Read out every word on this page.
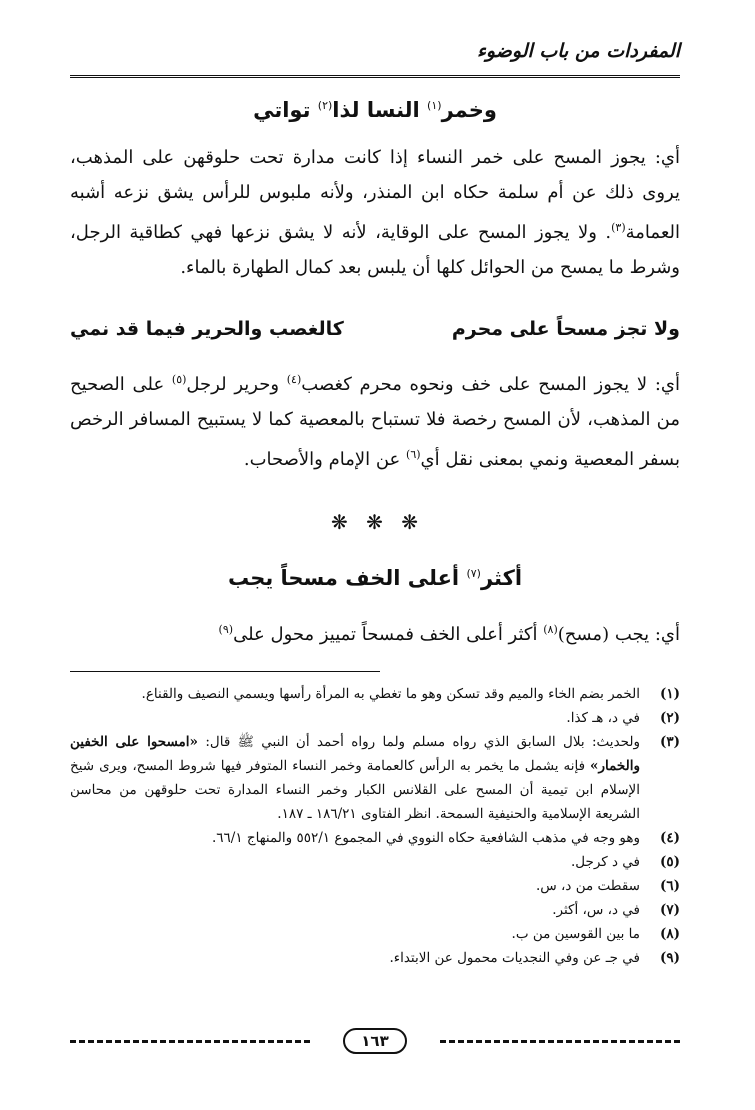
المفردات من باب الوضوء
وخمر$^{(١)}$ النسا لذا$^{(٢)}$ تواتي
أي: يجوز المسح على خمر النساء إذا كانت مدارة تحت حلوقهن على المذهب، يروى ذلك عن أم سلمة حكاه ابن المنذر، ولأنه ملبوس للرأس يشق نزعه أشبه العمامة$^{(٣)}$. ولا يجوز المسح على الوقاية، لأنه لا يشق نزعها فهي كطاقية الرجل، وشرط ما يمسح من الحوائل كلها أن يلبس بعد كمال الطهارة بالماء.
ولا تجز مسحاً على محرم
كالغصب والحرير فيما قد نمي
أي: لا يجوز المسح على خف ونحوه محرم كغصب$^{(٤)}$ وحرير لرجل$^{(٥)}$ على الصحيح من المذهب، لأن المسح رخصة فلا تستباح بالمعصية كما لا يستبيح المسافر الرخص بسفر المعصية ونمي بمعنى نقل أي$^{(٦)}$ عن الإمام والأصحاب.
❋ ❋ ❋
أكثر$^{(٧)}$ أعلى الخف مسحاً يجب
أي: يجب (مسح)$^{(٨)}$ أكثر أعلى الخف فمسحاً تمييز محول على$^{(٩)}$
(١)
الخمر بضم الخاء والميم وقد تسكن وهو ما تغطي به المرأة رأسها ويسمي النصيف والقناع.
(٢)
في د، هـ كذا.
(٣)
ولحديث: بلال السابق الذي رواه مسلم ولما رواه أحمد أن النبي ﷺ قال: «امسحوا على الخفين والخمار» فإنه يشمل ما يخمر به الرأس كالعمامة وخمر النساء المتوفر فيها شروط المسح، ويرى شيخ الإسلام ابن تيمية أن المسح على القلانس الكبار وخمر النساء المدارة تحت حلوقهن من محاسن الشريعة الإسلامية والحنيفية السمحة. انظر الفتاوى ١٨٦/٢١ ـ ١٨٧.
(٤)
وهو وجه في مذهب الشافعية حكاه النووي في المجموع ٥٥٢/١ والمنهاج ٦٦/١.
(٥)
في د كرجل.
(٦)
سقطت من د، س.
(٧)
في د، س، أكثر.
(٨)
ما بين القوسين من ب.
(٩)
في جـ عن وفي النجديات محمول عن الابتداء.
١٦٣
